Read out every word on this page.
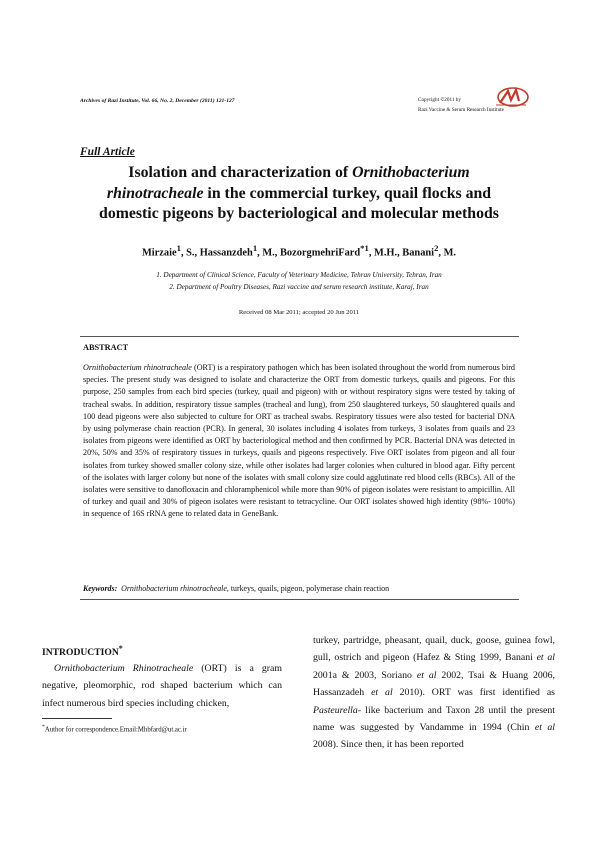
Archives of Razi Institute, Vol. 66, No. 2, December (2011) 121-127	Copyright ©2011 by
Razi Vaccine & Serum Research Institute
Full Article
Isolation and characterization of Ornithobacterium
rhinotracheale in the commercial turkey, quail flocks and
domestic pigeons by bacteriological and molecular methods
Mirzaie$^1$, S., Hassanzdeh$^1$, M., BozorgmehriFard$^{*1}$, M.H., Banani$^2$, M.
1. Department of Clinical Science, Faculty of Veterinary Medicine, Tehran University, Tehran, Iran
2. Department of Poultry Diseases, Razi vaccine and serum research institute, Karaj, Iran
Received 08 Mar 2011; accepted 20 Jun 2011
ABSTRACT
Ornithobacterium rhinotracheale (ORT) is a respiratory pathogen which has been isolated throughout the world from numerous bird species. The present study was designed to isolate and characterize the ORT from domestic turkeys, quails and pigeons. For this purpose, 250 samples from each bird species (turkey, quail and pigeon) with or without respiratory signs were tested by taking of tracheal swabs. In addition, respiratory tissue samples (tracheal and lung), from 250 slaughtered turkeys, 50 slaughtered quails and 100 dead pigeons were also subjected to culture for ORT as tracheal swabs. Respiratory tissues were also tested for bacterial DNA by using polymerase chain reaction (PCR). In general, 30 isolates including 4 isolates from turkeys, 3 isolates from quails and 23 isolates from pigeons were identified as ORT by bacteriological method and then confirmed by PCR. Bacterial DNA was detected in 20%, 50% and 35% of respiratory tissues in turkeys, quails and pigeons respectively. Five ORT isolates from pigeon and all four isolates from turkey showed smaller colony size, while other isolates had larger colonies when cultured in blood agar. Fifty percent of the isolates with larger colony but none of the isolates with small colony size could agglutinate red blood cells (RBCs). All of the isolates were sensitive to danofloxacin and chloramphenicol while more than 90% of pigeon isolates were resistant to ampicillin. All of turkey and quail and 30% of pigeon isolates were resistant to tetracycline. Our ORT isolates showed high identity (98%- 100%) in sequence of 16S rRNA gene to related data in GeneBank.
Keywords: Ornithobacterium rhinotracheale, turkeys, quails, pigeon, polymerase chain reaction
INTRODUCTION*
Ornithobacterium Rhinotracheale (ORT) is a gram negative, pleomorphic, rod shaped bacterium which can infect numerous bird species including chicken,
turkey, partridge, pheasant, quail, duck, goose, guinea fowl, gull, ostrich and pigeon (Hafez & Sting 1999, Banani et al 2001a & 2003, Soriano et al 2002, Tsai & Huang 2006, Hassanzadeh et al 2010). ORT was first identified as Pasteurella- like bacterium and Taxon 28 until the present name was suggested by Vandamme in 1994 (Chin et al 2008). Since then, it has been reported
*Author for correspondence.Email:Mhbfard@ut.ac.ir
